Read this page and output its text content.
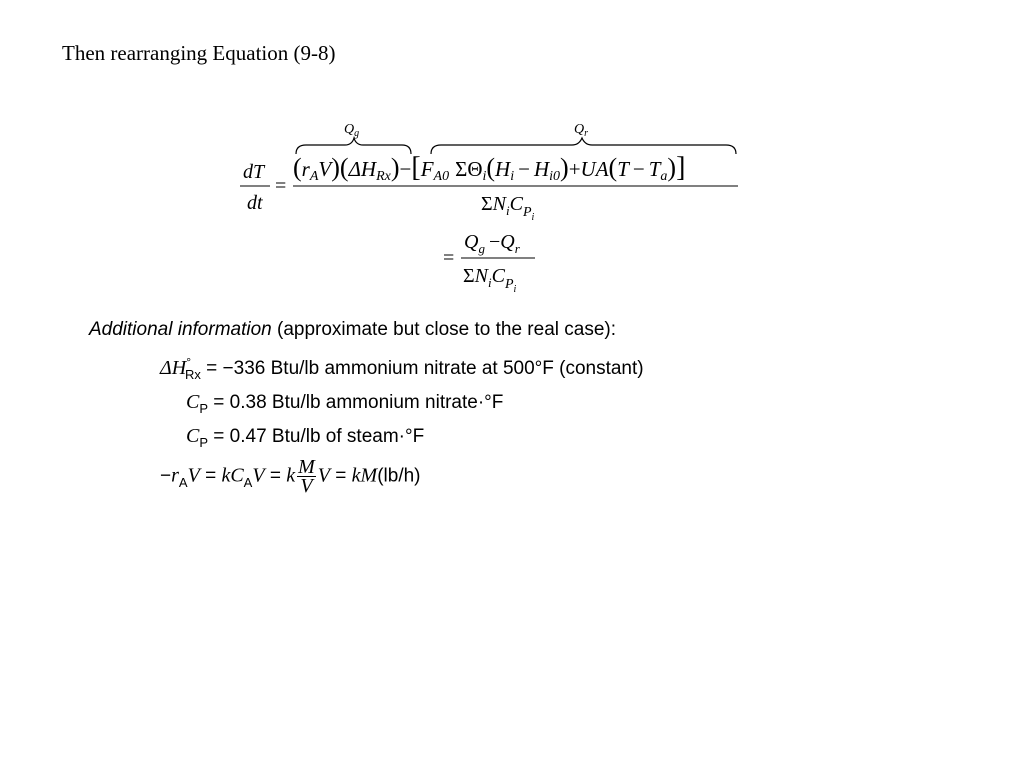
Then rearranging Equation (9-8)
dT
dt
=
$Q_g$	$Q_r$
(rAV)(ΔHRx)−[FA0 ΣΘi(Hi − Hi0)+UA(T − Ta)]
$\Sigma N_iC_{Pi}$
=
$Q_g -Q_r$
$\Sigma N_iC_{Pi}$
Additional information (approximate but close to the real case):
$\Delta H^\circ_{Rx} = -336$ Btu/lb ammonium nitrate at 500°F (constant)
$C_P = 0.38$ Btu/lb ammonium nitrate·°F
$C_P = 0.47$ Btu/lb of steam·°F
$-r_AV = kC_AV = k \frac{M}{V}$ V = kM(lb/h)
